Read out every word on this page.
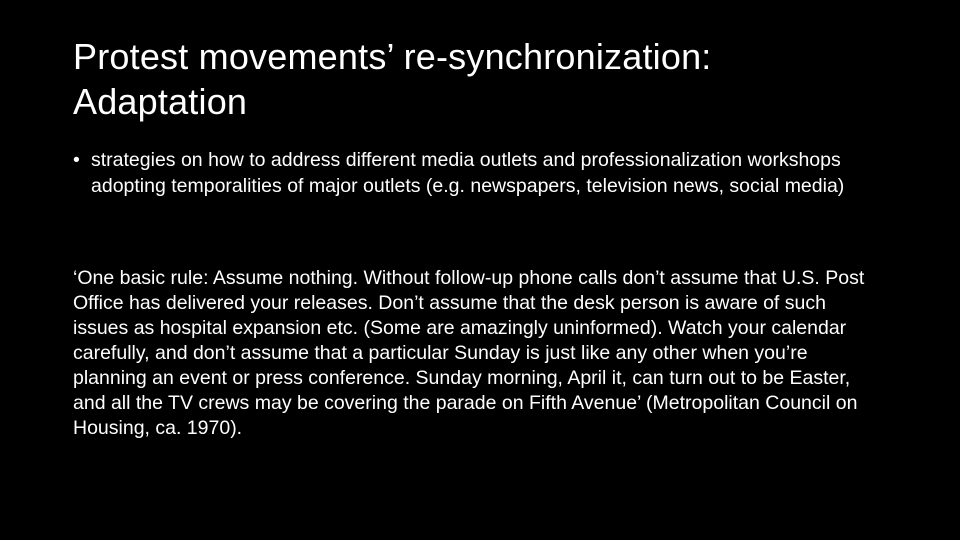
Protest movements’ re-synchronization: Adaptation
• strategies on how to address different media outlets and professionalization workshops adopting temporalities of major outlets (e.g. newspapers, television news, social media)

‘One basic rule: Assume nothing. Without follow-up phone calls don’t assume that U.S. Post Office has delivered your releases. Don’t assume that the desk person is aware of such issues as hospital expansion etc. (Some are amazingly uninformed). Watch your calendar carefully, and don’t assume that a particular Sunday is just like any other when you’re planning an event or press conference. Sunday morning, April it, can turn out to be Easter, and all the TV crews may be covering the parade on Fifth Avenue’ (Metropolitan Council on Housing, ca. 1970).
